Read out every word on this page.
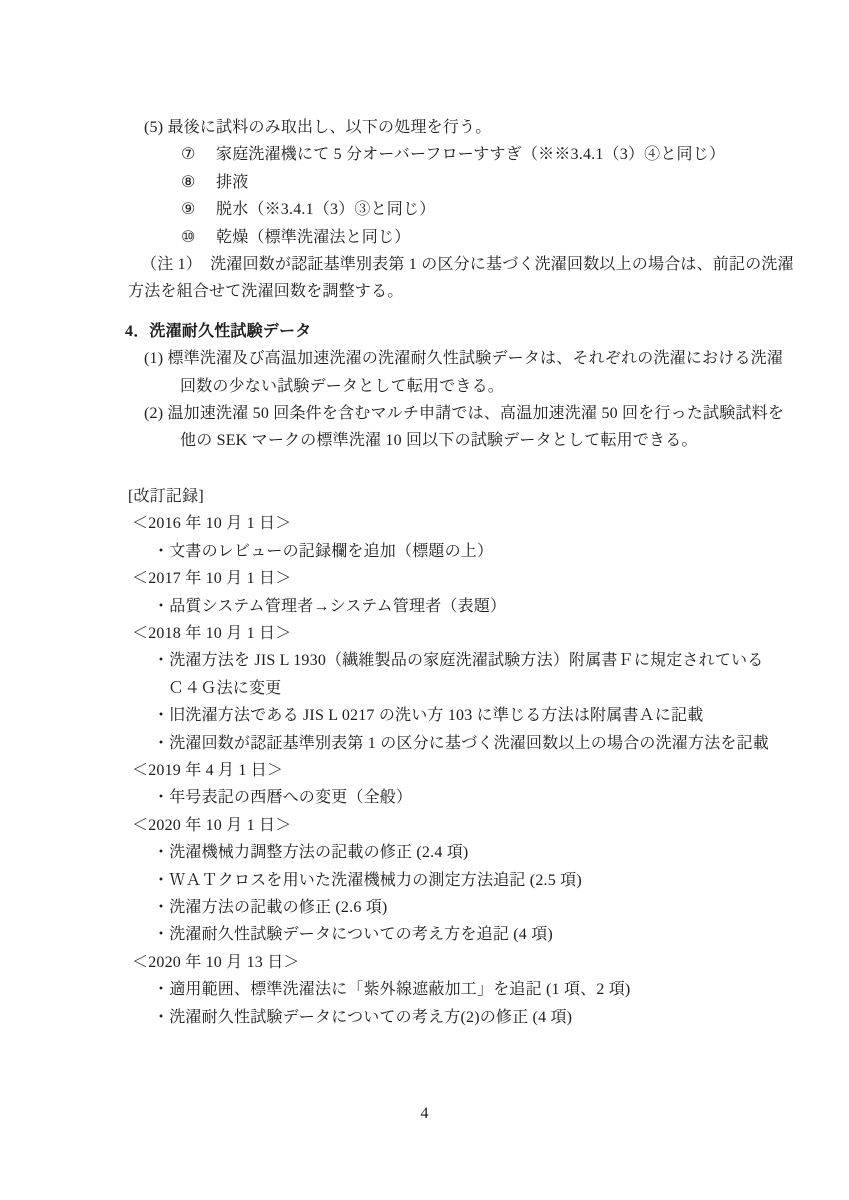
(5) 最後に試料のみ取出し、以下の処理を行う。
⑦ 家庭洗濯機にて 5 分オーバーフローすすぎ（※※3.4.1（3）④と同じ）
⑧ 排液
⑨ 脱水（※3.4.1（3）③と同じ）
⑩ 乾燥（標準洗濯法と同じ）
（注 1）　洗濯回数が認証基準別表第 1 の区分に基づく洗濯回数以上の場合は、前記の洗濯
方法を組合せて洗濯回数を調整する。
4．洗濯耐久性試験データ
(1) 標準洗濯及び高温加速洗濯の洗濯耐久性試験データは、それぞれの洗濯における洗濯
回数の少ない試験データとして転用できる。
(2) 温加速洗濯 50 回条件を含むマルチ申請では、高温加速洗濯 50 回を行った試験試料を
他の SEK マークの標準洗濯 10 回以下の試験データとして転用できる。
[改訂記録]
＜2016 年 10 月 1 日＞
・文書のレビューの記録欄を追加（標題の上）
＜2017 年 10 月 1 日＞
・品質システム管理者→システム管理者（表題）
＜2018 年 10 月 1 日＞
・洗濯方法を JIS L 1930（繊維製品の家庭洗濯試験方法）附属書Ｆに規定されている
Ｃ４Ｇ法に変更
・旧洗濯方法である JIS L 0217 の洗い方 103 に準じる方法は附属書Ａに記載
・洗濯回数が認証基準別表第 1 の区分に基づく洗濯回数以上の場合の洗濯方法を記載
＜2019 年 4 月 1 日＞
・年号表記の西暦への変更（全般）
＜2020 年 10 月 1 日＞
・洗濯機械力調整方法の記載の修正 (2.4 項)
・ＷＡＴクロスを用いた洗濯機械力の測定方法追記 (2.5 項)
・洗濯方法の記載の修正 (2.6 項)
・洗濯耐久性試験データについての考え方を追記 (4 項)
＜2020 年 10 月 13 日＞
・適用範囲、標準洗濯法に「紫外線遮蔽加工」を追記 (1 項、2 項)
・洗濯耐久性試験データについての考え方(2)の修正 (4 項)
4
